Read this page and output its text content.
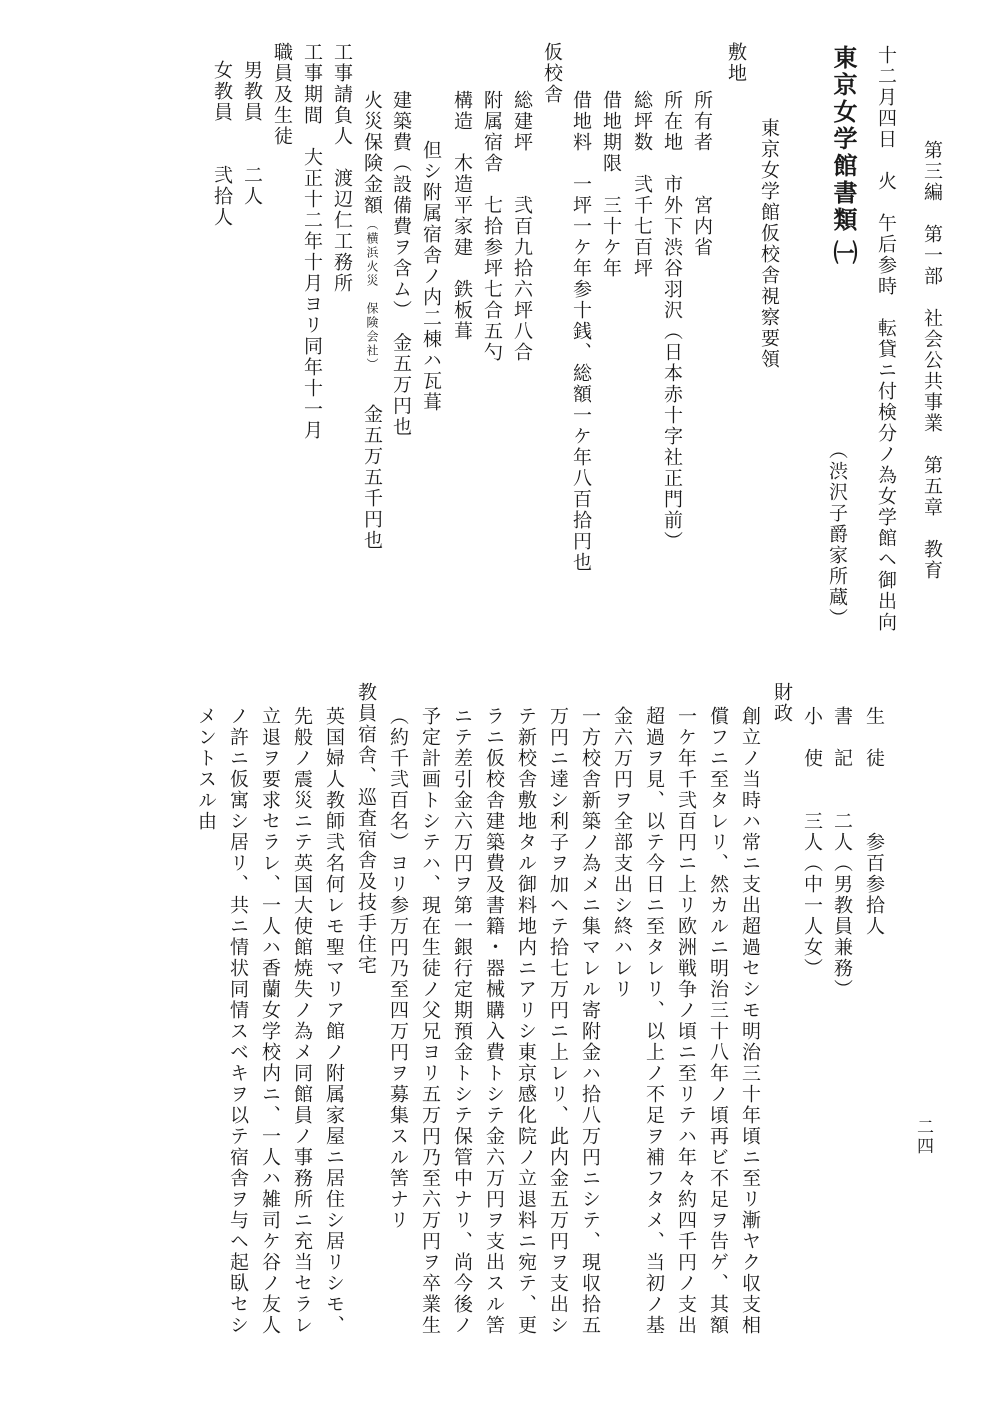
第三編　第一部　社会公共事業　第五章　教育
二四
十二月四日　火　午后参時　転貸ニ付検分ノ為女学館ヘ御出向
東京女学館書類㈠
（渋沢子爵家所蔵）
東京女学館仮校舎視察要領
敷地
所有者　　宮内省
所在地　市外下渋谷羽沢（日本赤十字社正門前）
総坪数　弐千七百坪
借地期限　三十ケ年
借地料　一坪一ケ年参十銭、総額一ケ年八百拾円也
仮校舎
総建坪　　弐百九拾六坪八合
附属宿舎　七拾参坪七合五勺
構造　木造平家建　鉄板葺
但シ附属宿舎ノ内二棟ハ瓦葺
建築費（設備費ヲ含ム）　金五万円也
火災保険金額（横浜火災　保険会社）金五万五千円也
工事請負人　渡辺仁工務所
工事期間　大正十二年十月ヨリ同年十一月
職員及生徒
男教員　　二人
女教員　　弐拾人
生　徒　　　参百参拾人
書　記　　二人（男教員兼務）
小　使　　三人（中一人女）
財政
創立ノ当時ハ常ニ支出超過セシモ明治三十年頃ニ至リ漸ヤク収支相
償フニ至タレリ、然カルニ明治三十八年ノ頃再ビ不足ヲ告ゲ、其額
一ケ年千弐百円ニ上リ欧洲戦争ノ頃ニ至リテハ年々約四千円ノ支出
超過ヲ見、以テ今日ニ至タレリ、以上ノ不足ヲ補フタメ、当初ノ基
金六万円ヲ全部支出シ終ハレリ
一方校舎新築ノ為メニ集マレル寄附金ハ拾八万円ニシテ、現収拾五
万円ニ達シ利子ヲ加ヘテ拾七万円ニ上レリ、此内金五万円ヲ支出シ
テ新校舎敷地タル御料地内ニアリシ東京感化院ノ立退料ニ宛テ、更
ラニ仮校舎建築費及書籍・器械購入費トシテ金六万円ヲ支出スル筈
ニテ差引金六万円ヲ第一銀行定期預金トシテ保管中ナリ、尚今後ノ
予定計画トシテハ、現在生徒ノ父兄ヨリ五万円乃至六万円ヲ卒業生
（約千弐百名）ヨリ参万円乃至四万円ヲ募集スル筈ナリ
教員宿舎、巡査宿舎及技手住宅
英国婦人教師弐名何レモ聖マリア館ノ附属家屋ニ居住シ居リシモ、
先般ノ震災ニテ英国大使館焼失ノ為メ同館員ノ事務所ニ充当セラレ
立退ヲ要求セラレ、一人ハ香蘭女学校内ニ、一人ハ雑司ケ谷ノ友人
ノ許ニ仮寓シ居リ、共ニ情状同情スベキヲ以テ宿舎ヲ与ヘ起臥セシ
メントスル由
